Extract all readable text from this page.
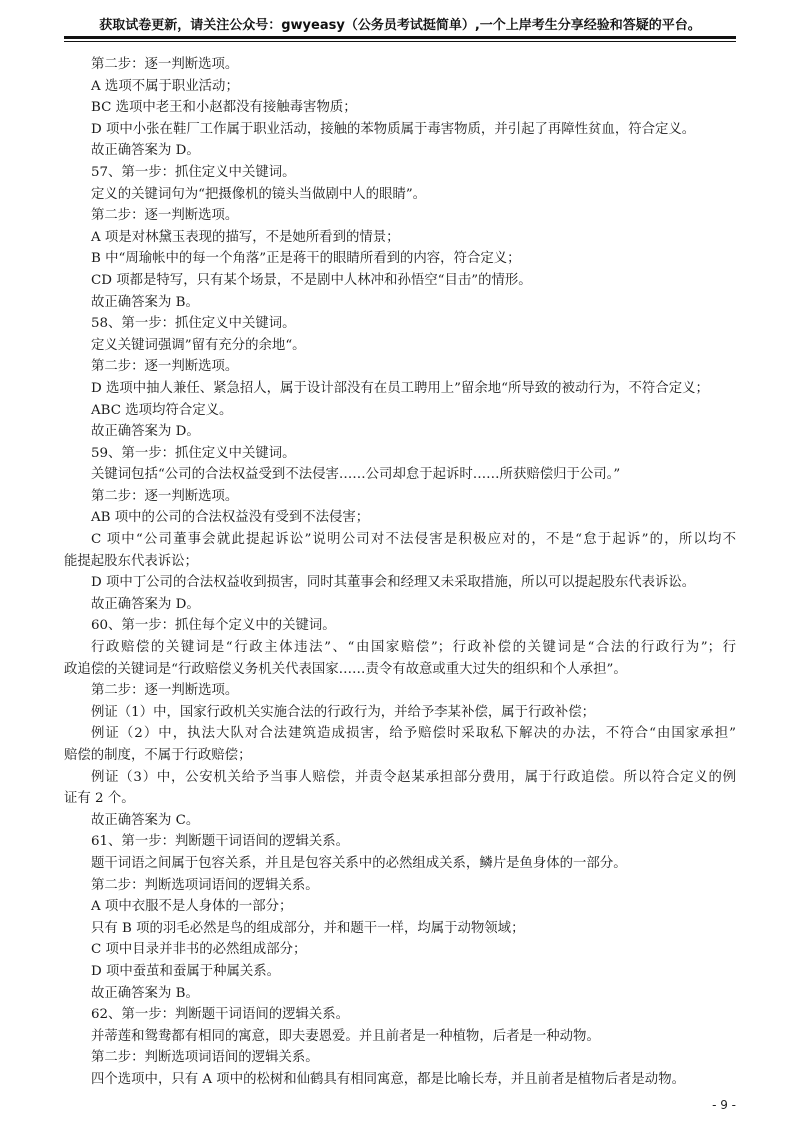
获取试卷更新，请关注公众号：gwyeasy（公务员考试挺简单）,一个上岸考生分享经验和答疑的平台。
第二步：逐一判断选项。
A 选项不属于职业活动；
BC 选项中老王和小赵都没有接触毒害物质；
D 项中小张在鞋厂工作属于职业活动，接触的苯物质属于毒害物质，并引起了再障性贫血，符合定义。
故正确答案为 D。
57、第一步：抓住定义中关键词。
定义的关键词句为“把摄像机的镜头当做剧中人的眼睛”。
第二步：逐一判断选项。
A 项是对林黛玉表现的描写，不是她所看到的情景；
B 中“周瑜帐中的每一个角落”正是蒋干的眼睛所看到的内容，符合定义；
CD 项都是特写，只有某个场景，不是剧中人林冲和孙悟空“目击”的情形。
故正确答案为 B。
58、第一步：抓住定义中关键词。
定义关键词强调”留有充分的余地“。
第二步：逐一判断选项。
D 选项中抽人兼任、紧急招人，属于设计部没有在员工聘用上”留余地“所导致的被动行为，不符合定义；
ABC 选项均符合定义。
故正确答案为 D。
59、第一步：抓住定义中关键词。
关键词包括“公司的合法权益受到不法侵害……公司却怠于起诉时……所获赔偿归于公司。”
第二步：逐一判断选项。
AB 项中的公司的合法权益没有受到不法侵害；
C 项中“公司董事会就此提起诉讼”说明公司对不法侵害是积极应对的，不是“怠于起诉”的，所以均不
能提起股东代表诉讼；
D 项中丁公司的合法权益收到损害，同时其董事会和经理又未采取措施，所以可以提起股东代表诉讼。
故正确答案为 D。
60、第一步：抓住每个定义中的关键词。
行政赔偿的关键词是“行政主体违法”、“由国家赔偿”；行政补偿的关键词是“合法的行政行为”；行
政追偿的关键词是“行政赔偿义务机关代表国家……责令有故意或重大过失的组织和个人承担”。
第二步：逐一判断选项。
例证（1）中，国家行政机关实施合法的行政行为，并给予李某补偿，属于行政补偿；
例证（2）中，执法大队对合法建筑造成损害，给予赔偿时采取私下解决的办法，不符合“由国家承担”
赔偿的制度，不属于行政赔偿；
例证（3）中，公安机关给予当事人赔偿，并责令赵某承担部分费用，属于行政追偿。所以符合定义的例
证有 2 个。
故正确答案为 C。
61、第一步：判断题干词语间的逻辑关系。
题干词语之间属于包容关系，并且是包容关系中的必然组成关系，鳞片是鱼身体的一部分。
第二步：判断选项词语间的逻辑关系。
A 项中衣服不是人身体的一部分；
只有 B 项的羽毛必然是鸟的组成部分，并和题干一样，均属于动物领域；
C 项中目录并非书的必然组成部分；
D 项中蚕茧和蚕属于种属关系。
故正确答案为 B。
62、第一步：判断题干词语间的逻辑关系。
并蒂莲和鸳鸯都有相同的寓意，即夫妻恩爱。并且前者是一种植物，后者是一种动物。
第二步：判断选项词语间的逻辑关系。
四个选项中，只有 A 项中的松树和仙鹤具有相同寓意，都是比喻长寿，并且前者是植物后者是动物。
- 9 -
